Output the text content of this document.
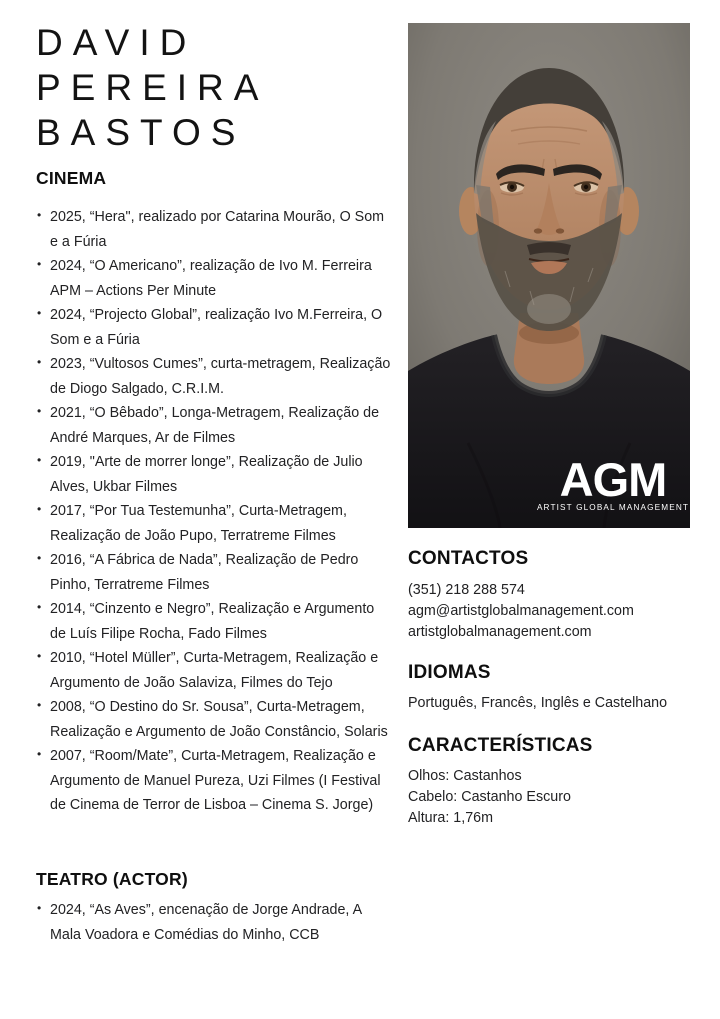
DAVID
PEREIRA
BASTOS
CINEMA
• 2025, “Hera", realizado por Catarina Mourão, O Som e a Fúria
• 2024, “O Americano”, realização de Ivo M. Ferreira APM – Actions Per Minute
• 2024, “Projecto Global”, realização Ivo M.Ferreira, O Som e a Fúria
• 2023, “Vultosos Cumes”, curta-metragem, Realização de Diogo Salgado, C.R.I.M.
• 2021, “O Bêbado”, Longa-Metragem, Realização de André Marques, Ar de Filmes
• 2019, "Arte de morrer longe”, Realização de Julio Alves, Ukbar Filmes
• 2017, “Por Tua Testemunha”, Curta-Metragem, Realização de João Pupo, Terratreme Filmes
• 2016, “A Fábrica de Nada”, Realização de Pedro Pinho, Terratreme Filmes
• 2014, “Cinzento e Negro”, Realização e Argumento de Luís Filipe Rocha, Fado Filmes
• 2010, “Hotel Müller”, Curta-Metragem, Realização e Argumento de João Salaviza, Filmes do Tejo
• 2008, “O Destino do Sr. Sousa”, Curta-Metragem, Realização e Argumento de João Constâncio, Solaris
• 2007, “Room/Mate”, Curta-Metragem, Realização e Argumento de Manuel Pureza, Uzi Filmes (I Festival de Cinema de Terror de Lisboa – Cinema S. Jorge)
TEATRO (ACTOR)
• 2024, “As Aves”, encenação de Jorge Andrade, A Mala Voadora e Comédias do Minho, CCB
AGM
ARTIST GLOBAL MANAGEMENT
CONTACTOS
(351) 218 288 574
agm@artistglobalmanagement.com
artistglobalmanagement.com
IDIOMAS
Português, Francês, Inglês e Castelhano
CARACTERÍSTICAS
Olhos: Castanhos
Cabelo: Castanho Escuro
Altura: 1,76m
